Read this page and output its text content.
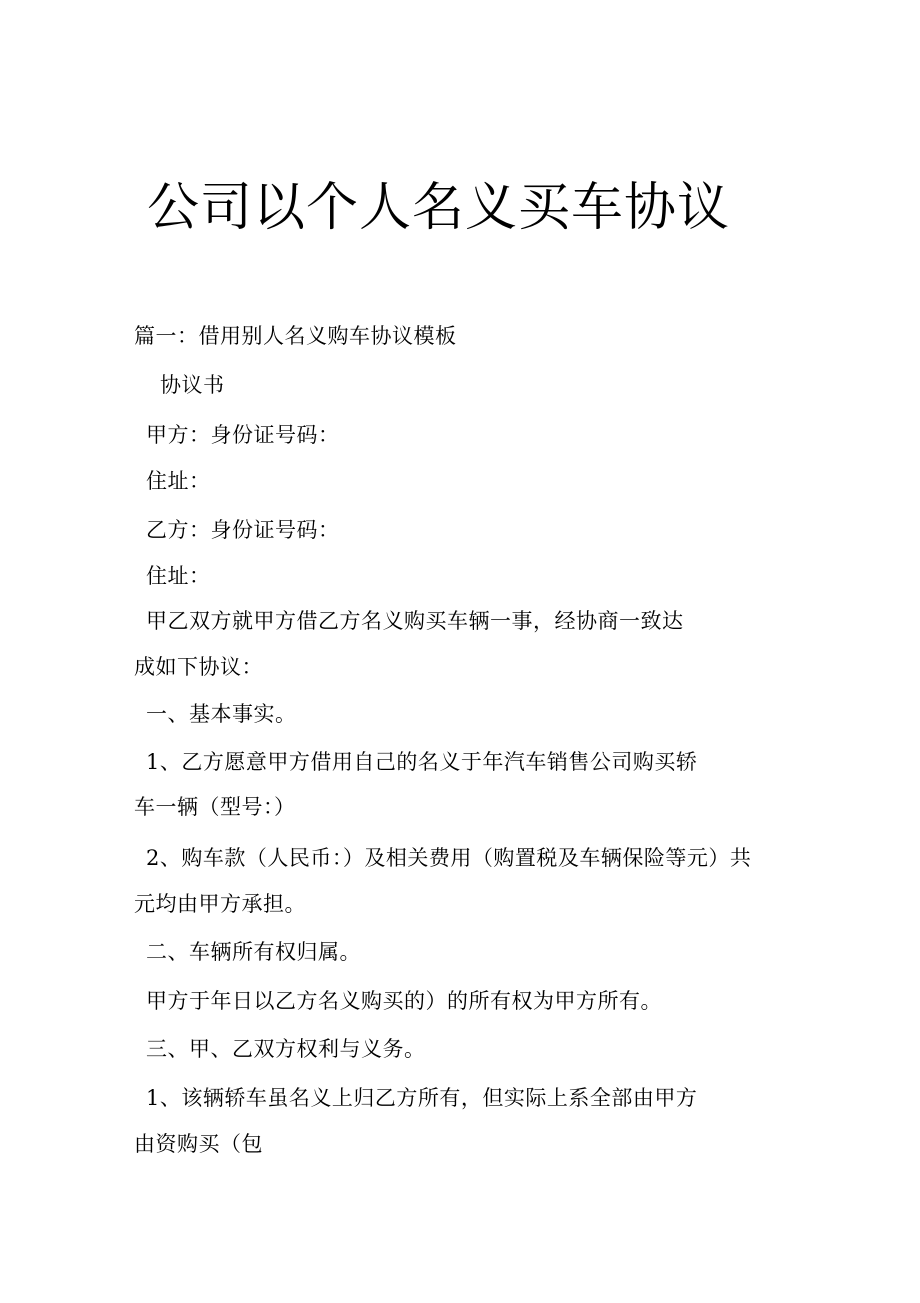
公司以个人名义买车协议

篇一：借用别人名义购车协议模板

协议书

甲方：身份证号码：

住址：

乙方：身份证号码：

住址：

甲乙双方就甲方借乙方名义购买车辆一事，经协商一致达

成如下协议：

一、基本事实。

1、乙方愿意甲方借用自己的名义于年汽车销售公司购买轿

车一辆（型号：）

2、购车款（人民币：）及相关费用（购置税及车辆保险等元）共

元均由甲方承担。

二、车辆所有权归属。

甲方于年日以乙方名义购买的）的所有权为甲方所有。

三、甲、乙双方权利与义务。

1、该辆轿车虽名义上归乙方所有，但实际上系全部由甲方

由资购买（包
